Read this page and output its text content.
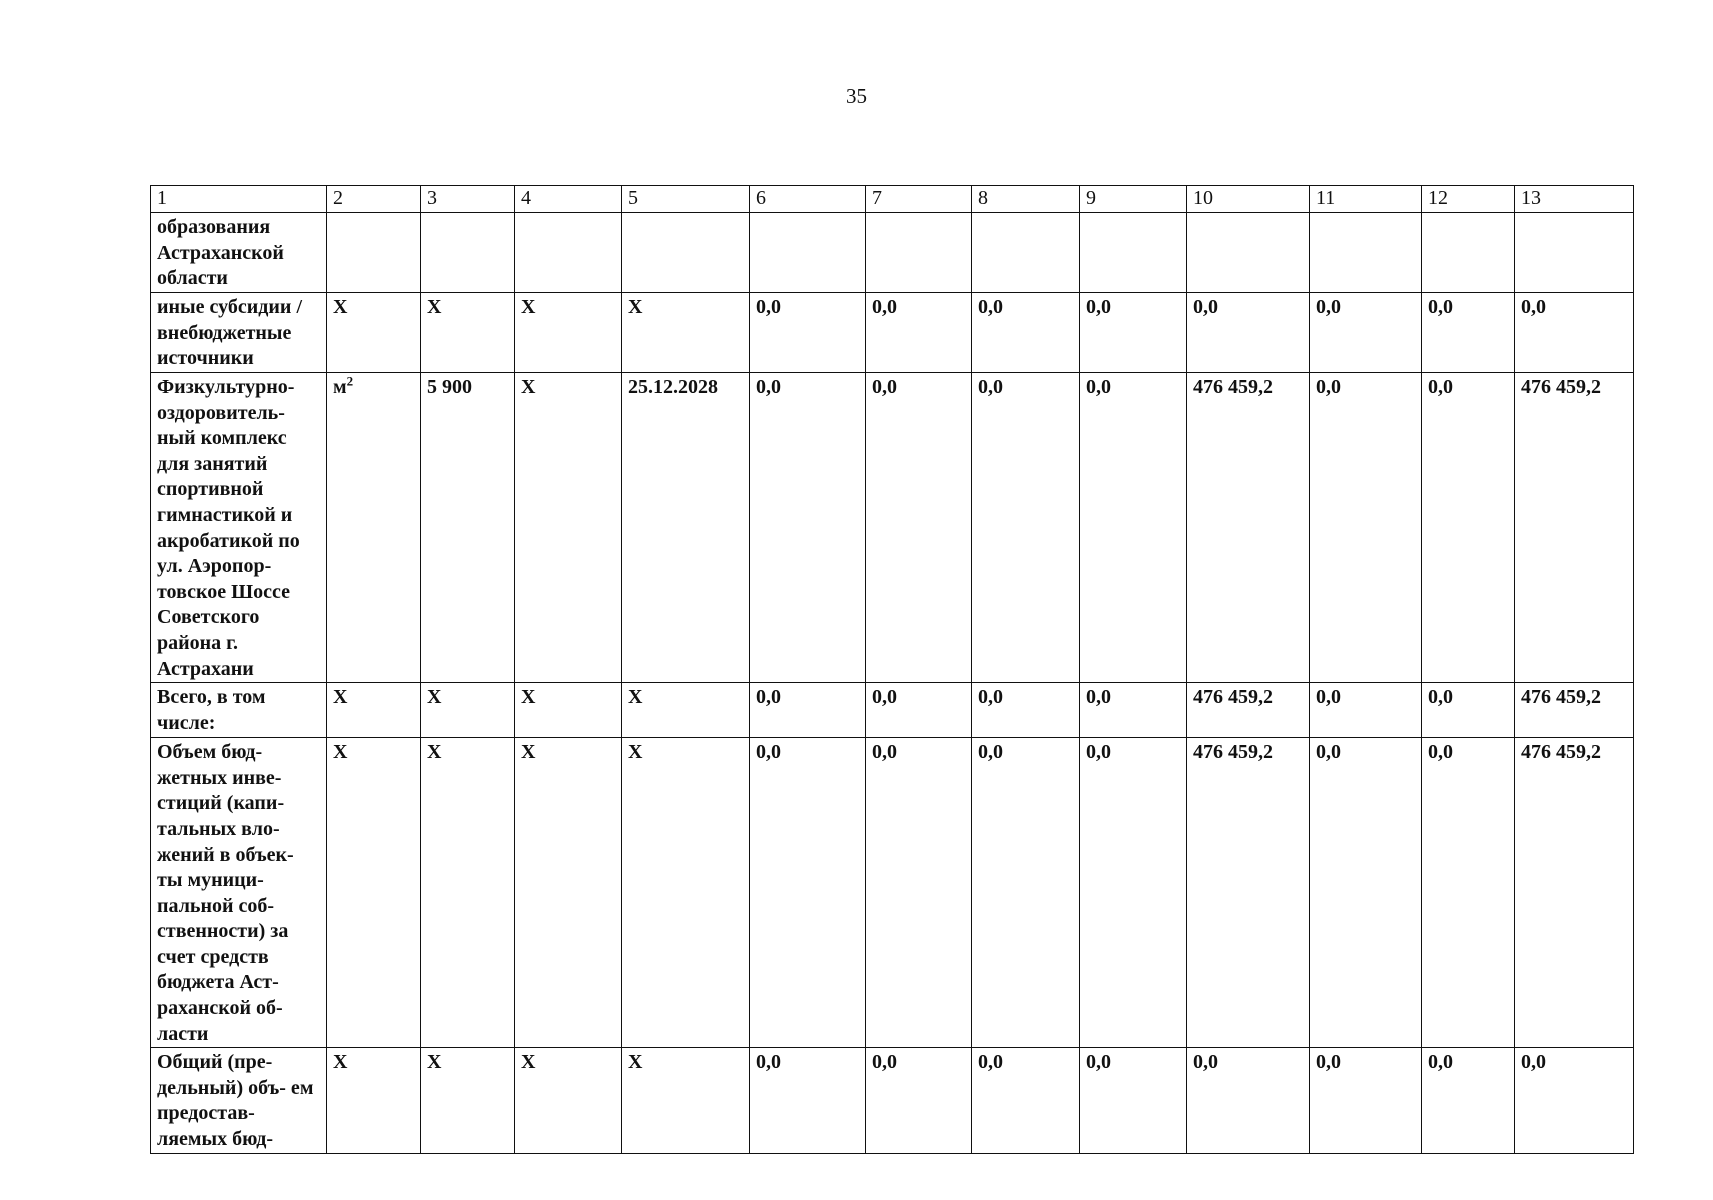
35
1	2	3	4	5	6	7	8	9	10	11	12	13
образования Астраханской области												
иные субсидии / внебюджетные источники	X	X	X	X	0,0	0,0	0,0	0,0	0,0	0,0	0,0	0,0
Физкультурно- оздоровитель- ный комплекс для занятий спортивной гимнастикой и акробатикой по ул. Аэропор- товское Шоссе Советского района г. Астрахани	$м^2$	5 900	X	25.12.2028	0,0	0,0	0,0	0,0	476 459,2	0,0	0,0	476 459,2
Всего, в том числе:	X	X	X	X	0,0	0,0	0,0	0,0	476 459,2	0,0	0,0	476 459,2
Объем бюд- жетных инве- стиций (капи- тальных вло- жений в объек- ты муници- пальной соб- ственности) за счет средств бюджета Аст- раханской об- ласти	X	X	X	X	0,0	0,0	0,0	0,0	476 459,2	0,0	0,0	476 459,2
Общий (пре- дельный) объ- ем предостав- ляемых бюд-	X	X	X	X	0,0	0,0	0,0	0,0	0,0	0,0	0,0	0,0
